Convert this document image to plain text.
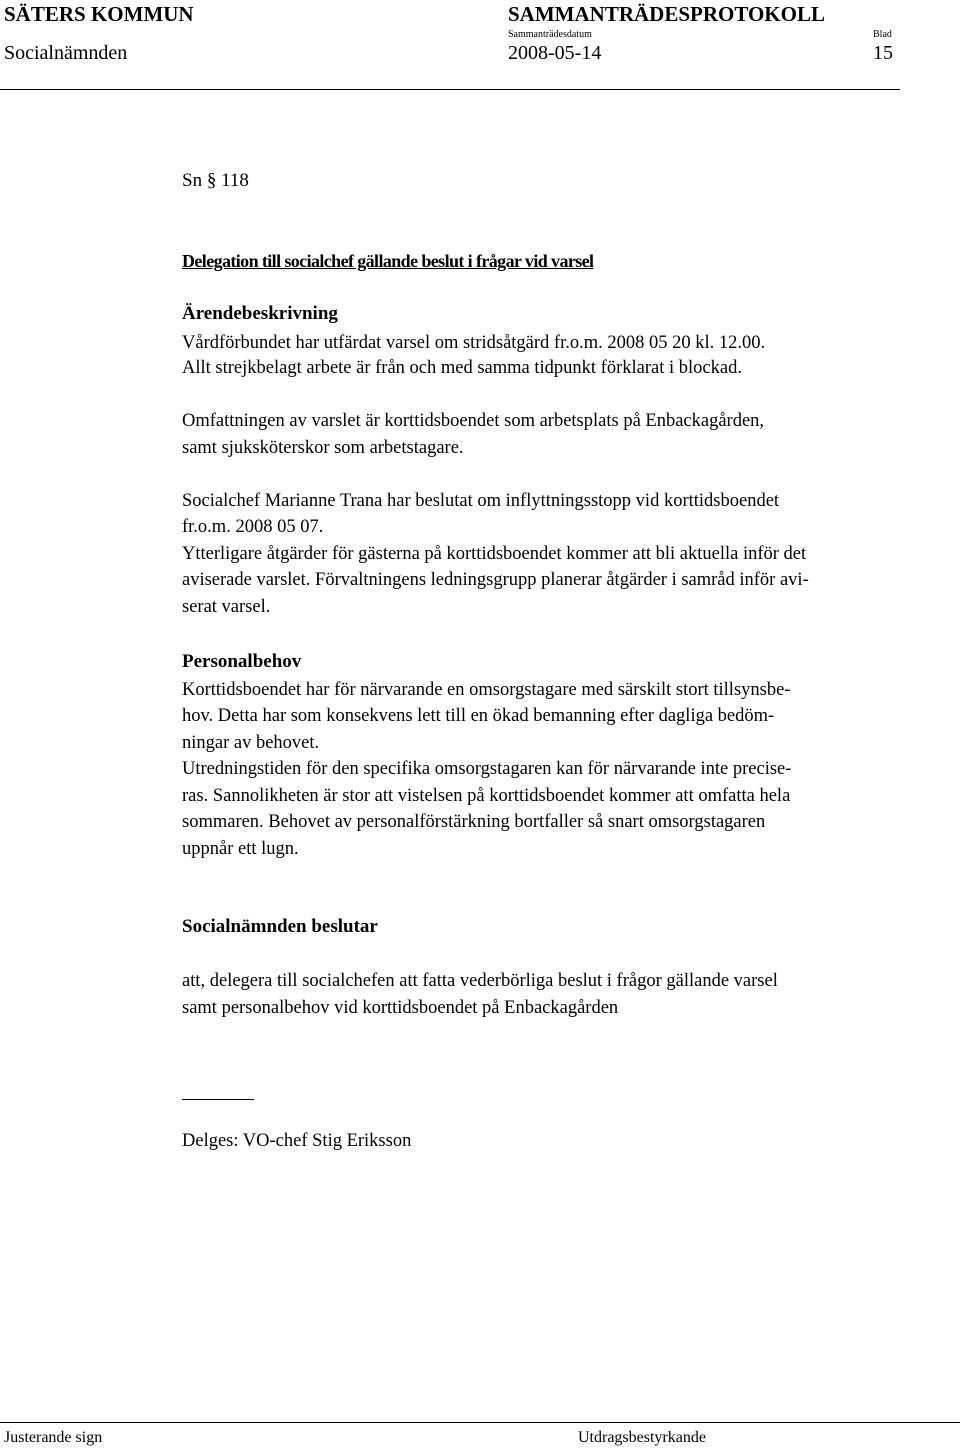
SÄTERS KOMMUN	SAMMANTRÄDESPROTOKOLL
Socialnämnden
Sammanträdesdatum	Blad
2008-05-14	15
Sn § 118
Delegation till socialchef gällande beslut i frågar vid varsel
Ärendebeskrivning
Vårdförbundet har utfärdat varsel om stridsåtgärd fr.o.m. 2008 05 20 kl. 12.00.
Allt strejkbelagt arbete är från och med samma tidpunkt förklarat i blockad.
Omfattningen av varslet är korttidsboendet som arbetsplats på Enbackagården,
samt sjuksköterskor som arbetstagare.
Socialchef Marianne Trana har beslutat om inflyttningsstopp vid korttidsboendet
fr.o.m. 2008 05 07.
Ytterligare åtgärder för gästerna på korttidsboendet kommer att bli aktuella inför det
aviserade varslet. Förvaltningens ledningsgrupp planerar åtgärder i samråd inför avi-
serat varsel.
Personalbehov
Korttidsboendet har för närvarande en omsorgstagare med särskilt stort tillsynsbe-
hov. Detta har som konsekvens lett till en ökad bemanning efter dagliga bedöm-
ningar av behovet.
Utredningstiden för den specifika omsorgstagaren kan för närvarande inte precise-
ras. Sannolikheten är stor att vistelsen på korttidsboendet kommer att omfatta hela
sommaren. Behovet av personalförstärkning bortfaller så snart omsorgstagaren
uppnår ett lugn.
Socialnämnden beslutar
att, delegera till socialchefen att fatta vederbörliga beslut i frågor gällande varsel
samt personalbehov vid korttidsboendet på Enbackagården
Delges: VO-chef Stig Eriksson
Justerande sign	Utdragsbestyrkande
